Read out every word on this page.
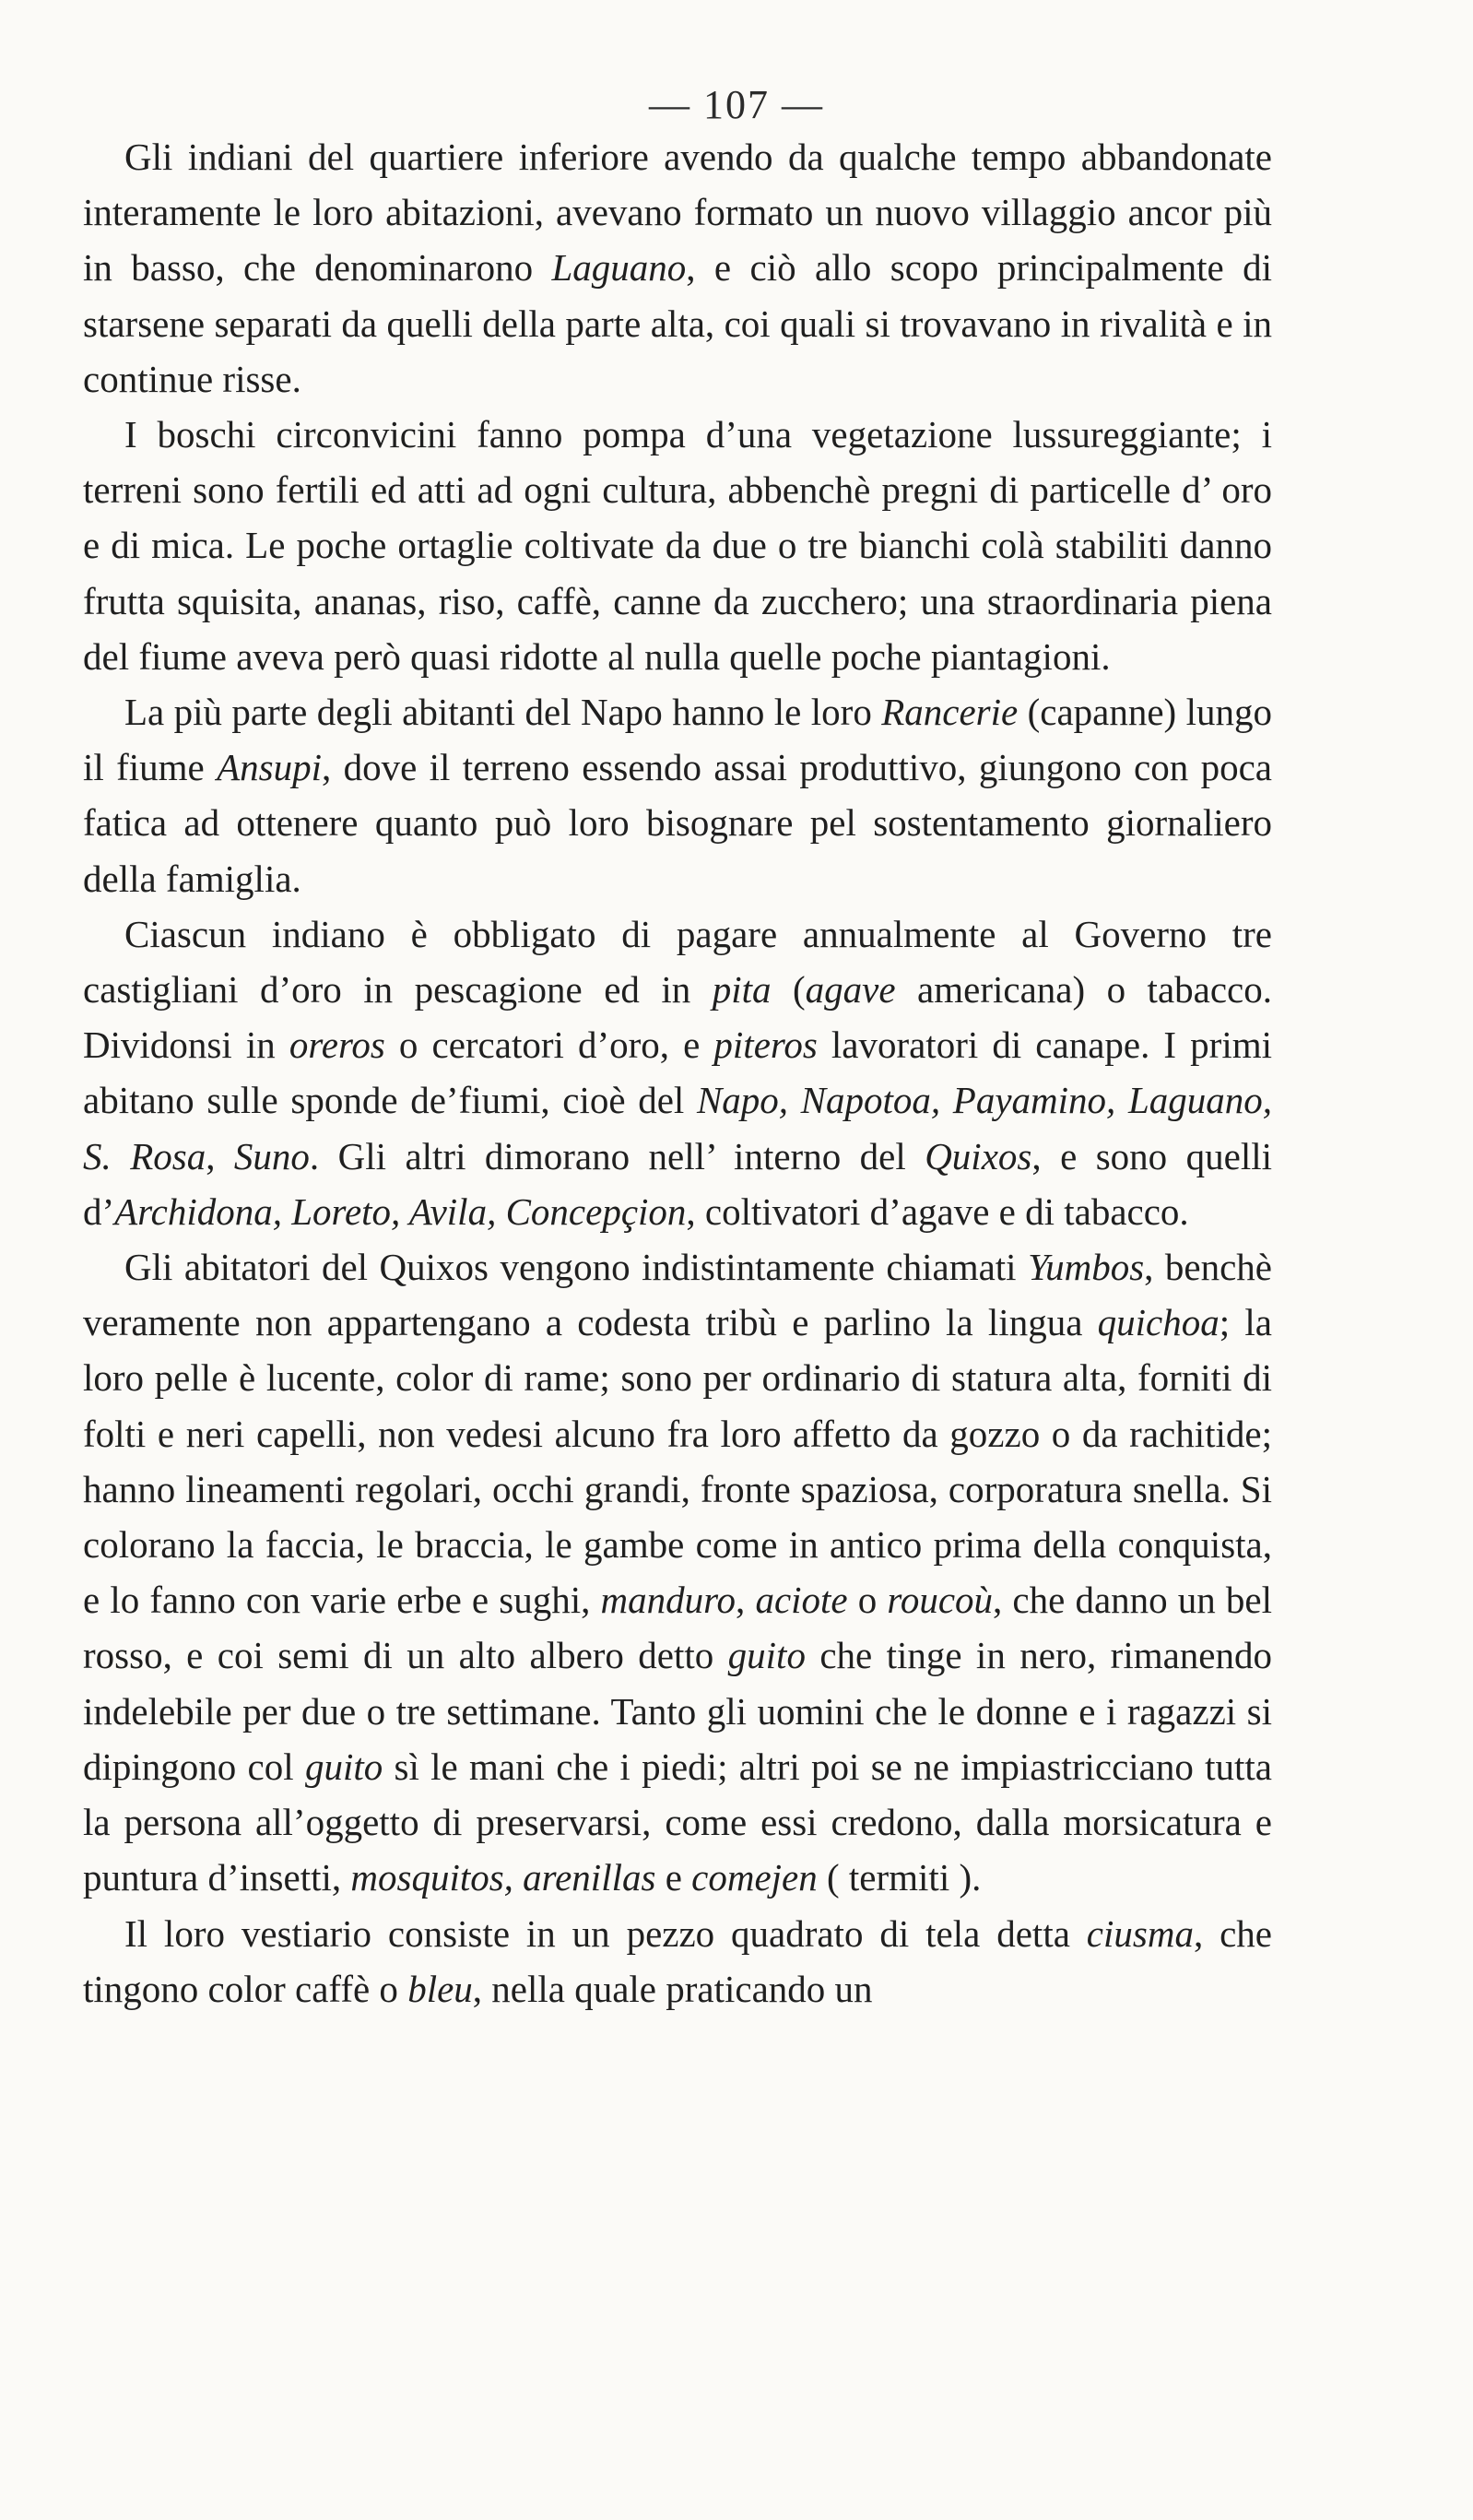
— 107 —

Gli indiani del quartiere inferiore avendo da qualche tempo abbandonate interamente le loro abitazioni, avevano formato un nuovo villaggio ancor più in basso, che denominarono Laguano, e ciò allo scopo principalmente di starsene separati da quelli della parte alta, coi quali si trovavano in rivalità e in continue risse.

I boschi circonvicini fanno pompa d’una vegetazione lussureggiante; i terreni sono fertili ed atti ad ogni cultura, abbenchè pregni di particelle d’ oro e di mica. Le poche ortaglie coltivate da due o tre bianchi colà stabiliti danno frutta squisita, ananas, riso, caffè, canne da zucchero; una straordinaria piena del fiume aveva però quasi ridotte al nulla quelle poche piantagioni.

La più parte degli abitanti del Napo hanno le loro Rancerie (capanne) lungo il fiume Ansupi, dove il terreno essendo assai produttivo, giungono con poca fatica ad ottenere quanto può loro bisognare pel sostentamento giornaliero della famiglia.

Ciascun indiano è obbligato di pagare annualmente al Governo tre castigliani d’oro in pescagione ed in pita (agave americana) o tabacco. Dividonsi in oreros o cercatori d’oro, e piteros lavoratori di canape. I primi abitano sulle sponde de’fiumi, cioè del Napo, Napotoa, Payamino, Laguano, S. Rosa, Suno. Gli altri dimorano nell’ interno del Quixos, e sono quelli d’Archidona, Loreto, Avila, Concepçion, coltivatori d’agave e di tabacco.

Gli abitatori del Quixos vengono indistintamente chiamati Yumbos, benchè veramente non appartengano a codesta tribù e parlino la lingua quichoa; la loro pelle è lucente, color di rame; sono per ordinario di statura alta, forniti di folti e neri capelli, non vedesi alcuno fra loro affetto da gozzo o da rachitide; hanno lineamenti regolari, occhi grandi, fronte spaziosa, corporatura snella. Si colorano la faccia, le braccia, le gambe come in antico prima della conquista, e lo fanno con varie erbe e sughi, manduro, aciote o roucoù, che danno un bel rosso, e coi semi di un alto albero detto guito che tinge in nero, rimanendo indelebile per due o tre settimane. Tanto gli uomini che le donne e i ragazzi si dipingono col guito sì le mani che i piedi; altri poi se ne impiastricciano tutta la persona all’oggetto di preservarsi, come essi credono, dalla morsicatura e puntura d’insetti, mosquitos, arenillas e comejen ( termiti ).

Il loro vestiario consiste in un pezzo quadrato di tela detta ciusma, che tingono color caffè o bleu, nella quale praticando un
